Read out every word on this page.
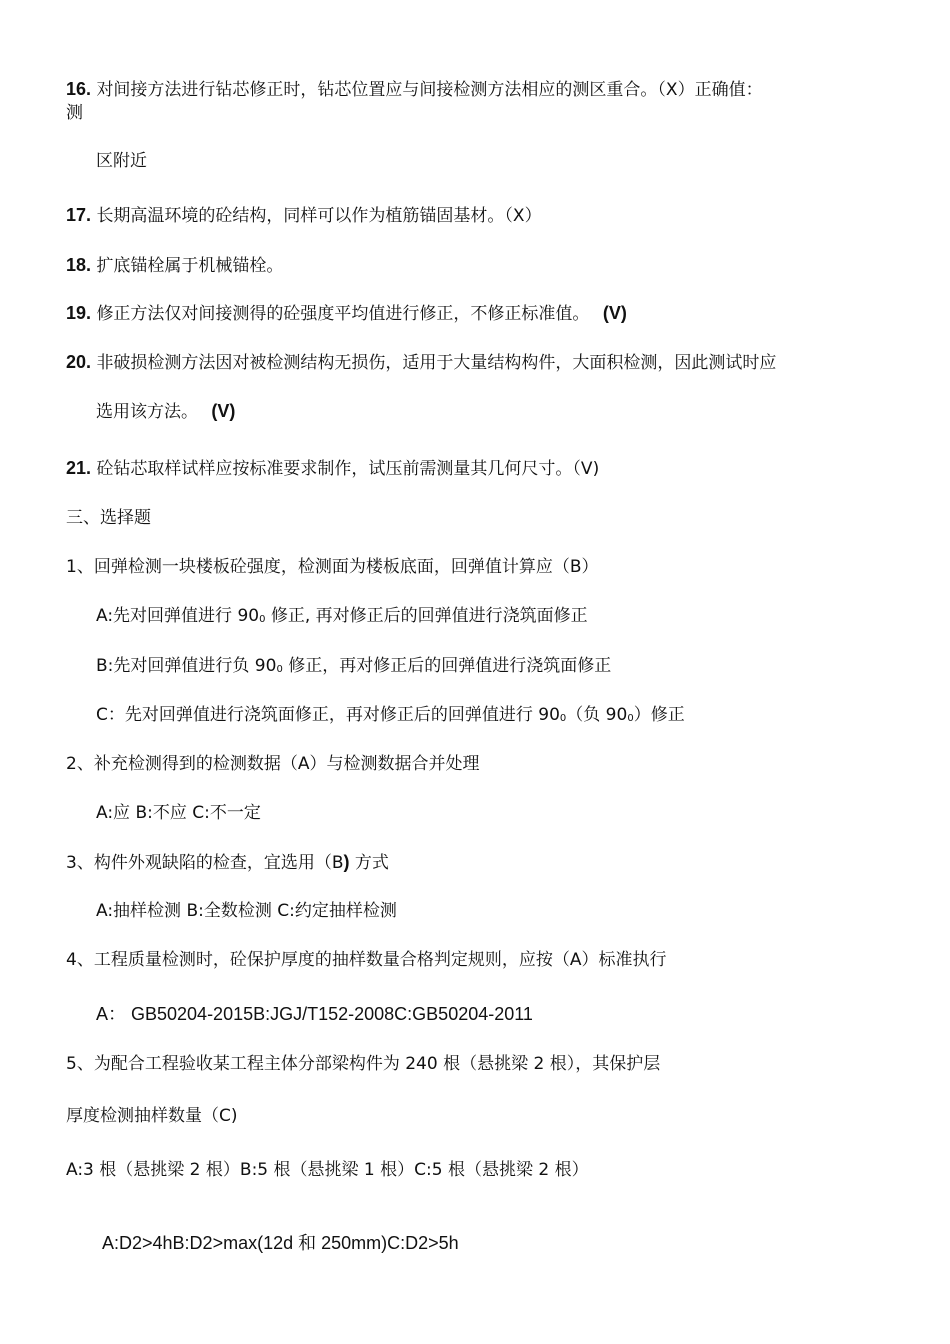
16. 对间接方法进行钻芯修正时，钻芯位置应与间接检测方法相应的测区重合。（X）正确值：
测
区附近
17. 长期高温环境的砼结构，同样可以作为植筋锚固基材。（X）
18. 扩底锚栓属于机械锚栓。
19. 修正方法仅对间接测得的砼强度平均值进行修正，不修正标准值。 (V)
20. 非破损检测方法因对被检测结构无损伤，适用于大量结构构件，大面积检测，因此测试时应
选用该方法。 (V)
21. 砼钻芯取样试样应按标准要求制作，试压前需测量其几何尺寸。（V)
三、选择题
1、回弹检测一块楼板砼强度，检测面为楼板底面，回弹值计算应（B）
A:先对回弹值进行 $90_0$ 修正, 再对修正后的回弹值进行浇筑面修正
B:先对回弹值进行负 $90_0$ 修正，再对修正后的回弹值进行浇筑面修正
C：先对回弹值进行浇筑面修正，再对修正后的回弹值进行 $90_0$（负 $90_0$）修正
2、补充检测得到的检测数据（A）与检测数据合并处理
A:应 B:不应 C:不一定
3、构件外观缺陷的检查，宜选用（B) 方式
A:抽样检测 B:全数检测 C:约定抽样检测
4、工程质量检测时，砼保护厚度的抽样数量合格判定规则，应按（A）标准执行
A： GB50204-2015B:JGJ/T152-2008C:GB50204-2011
5、为配合工程验收某工程主体分部梁构件为 240 根（悬挑梁 2 根），其保护层
厚度检测抽样数量（C)
A:3 根（悬挑梁 2 根）B:5 根（悬挑梁 1 根）C:5 根（悬挑梁 2 根）
A:D2>4hB:D2>max(12d 和 250mm)C:D2>5h
